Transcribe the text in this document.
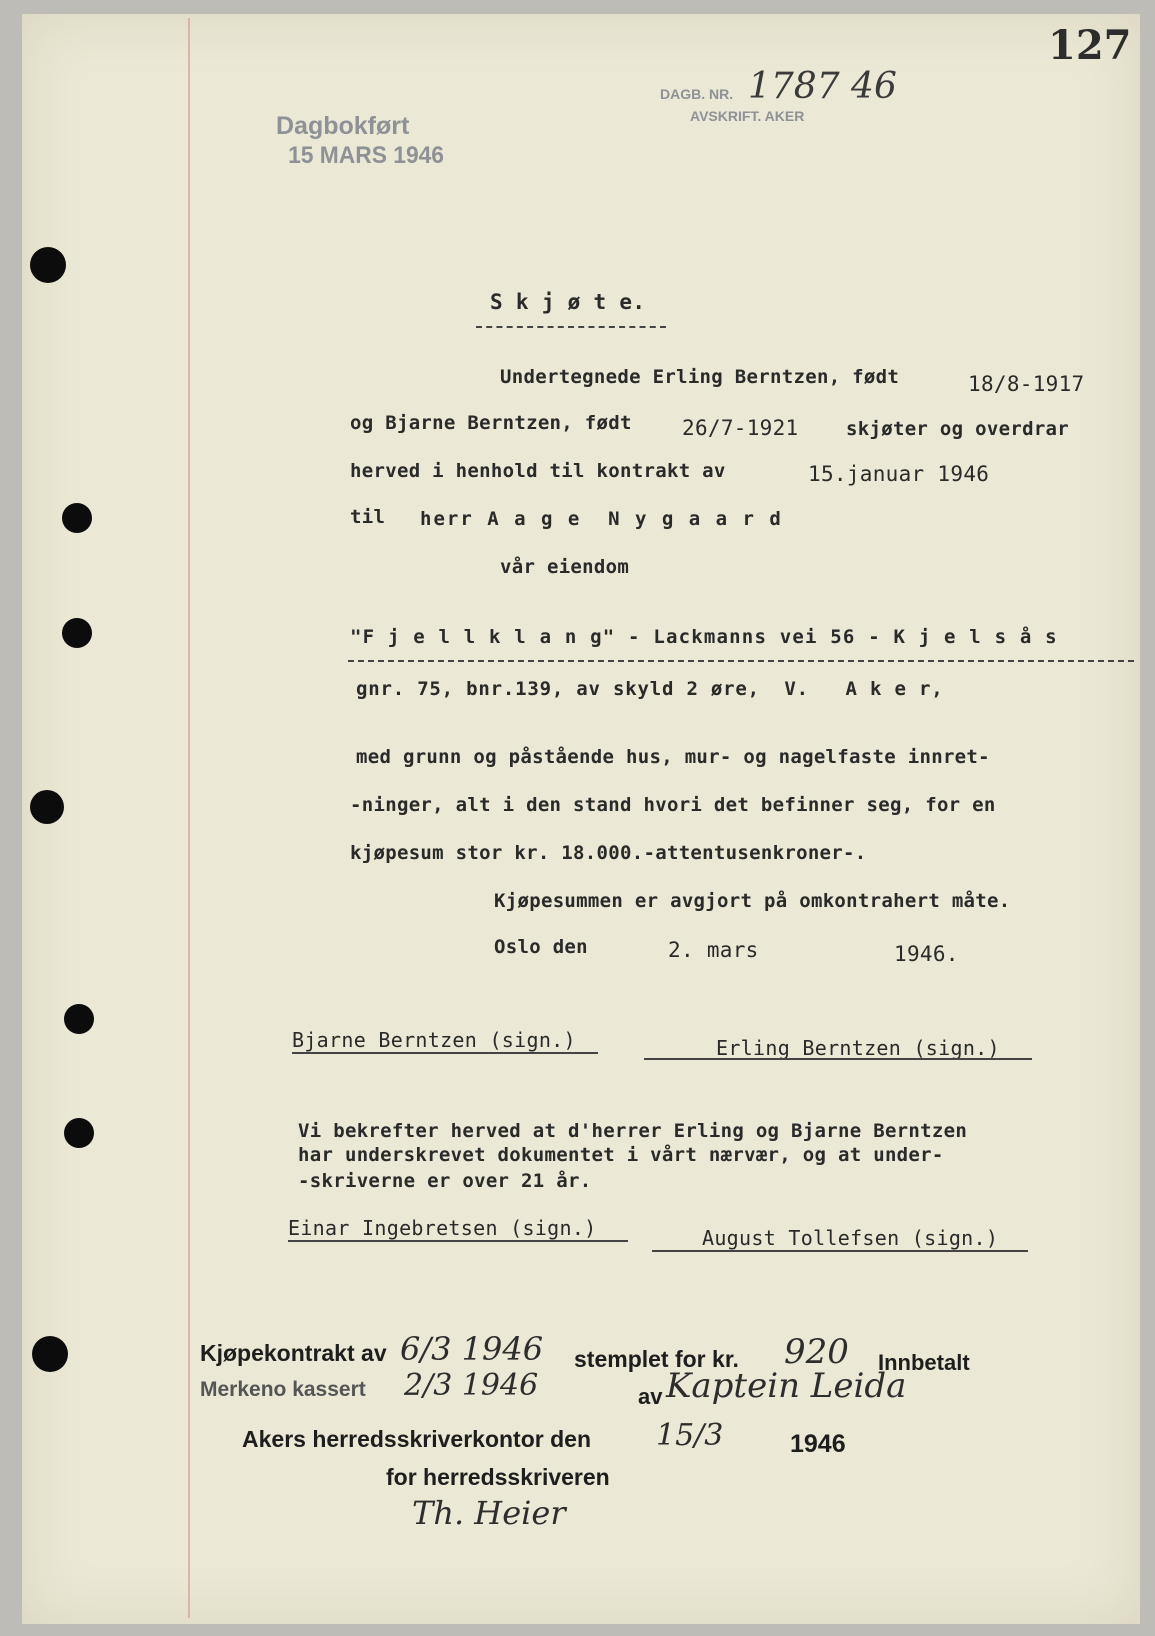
127
Dagbokført
15 MARS 1946
DAGB. NR.
AVSKRIFT. AKER
1787 46
S k j ø t e.
Undertegnede Erling Berntzen, født	18/8-1917
og Bjarne Berntzen, født 26/7-1921	skjøter og overdrar
herved i henhold til kontrakt av	15.januar 1946
til herr A a g e  N y g a a r d
vår eiendom
"F j e l l k l a n g" - Lackmanns vei 56 - K j e l s å s
gnr. 75, bnr.139, av skyld 2 øre,  V.   A k e r,
med grunn og påstående hus, mur- og nagelfaste innret-
-ninger, alt i den stand hvori det befinner seg, for en
kjøpesum stor kr. 18.000.-attentusenkroner-.
Kjøpesummen er avgjort på omkontrahert måte.
Oslo den	2. mars	1946.
Bjarne Berntzen (sign.)	Erling Berntzen (sign.)
Vi bekrefter herved at d'herrer Erling og Bjarne Berntzen
har underskrevet dokumentet i vårt nærvær, og at under-
-skriverne er over 21 år.
Einar Ingebretsen (sign.)	August Tollefsen (sign.)
Kjøpekontrakt av 6/3 1946 stemplet for kr. 920 Innbetalt
Merkeno kassert 2/3 1946	av Kaptein Leida
Akers herredsskriverkontor den 15/3	1946
for herredsskriveren
Th. Heier
